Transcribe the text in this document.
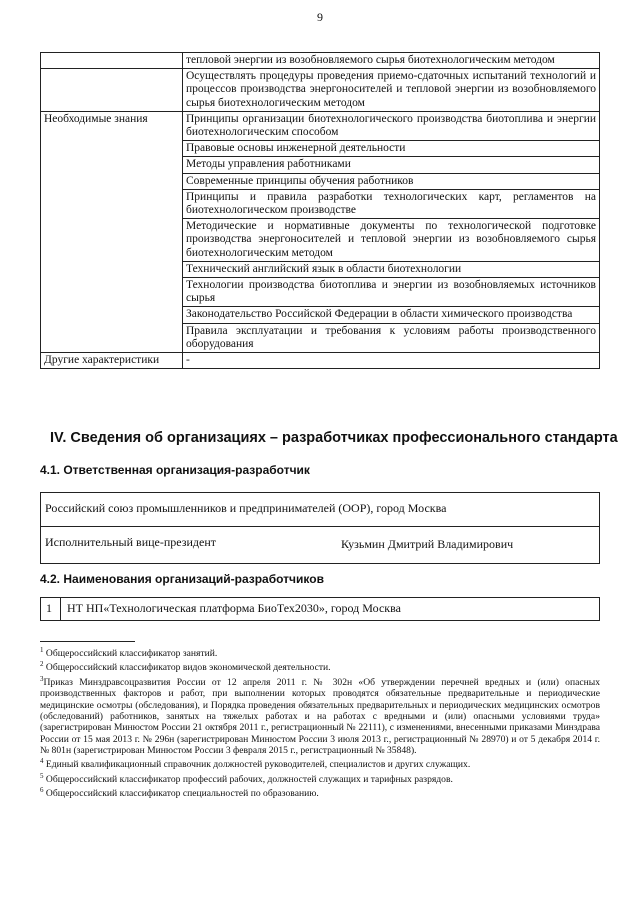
9
	тепловой энергии из возобновляемого сырья биотехнологическим методом
	Осуществлять процедуры проведения приемо-сдаточных испытаний технологий и процессов производства энергоносителей и тепловой энергии из возобновляемого сырья биотехнологическим методом
Необходимые знания	Принципы организации биотехнологического производства биотоплива и энергии биотехнологическим способом
	Правовые основы инженерной деятельности
	Методы управления работниками
	Современные принципы обучения работников
	Принципы и правила разработки технологических карт, регламентов на биотехнологическом производстве
	Методические и нормативные документы по технологической подготовке производства энергоносителей и тепловой энергии из возобновляемого сырья биотехнологическим методом
	Технический английский язык в области биотехнологии
	Технологии производства биотоплива и энергии из возобновляемых источников сырья
	Законодательство Российской Федерации в области химического производства
	Правила эксплуатации и требования к условиям работы производственного оборудования
Другие характеристики	-
IV. Сведения об организациях – разработчиках профессионального стандарта
4.1. Ответственная организация-разработчик
Российский союз промышленников и предпринимателей (ООР), город Москва
Исполнительный вице-президент	Кузьмин Дмитрий Владимирович
4.2. Наименования организаций-разработчиков
1	НТ НП«Технологическая платформа БиоТех2030», город Москва

$^1$ Общероссийский классификатор занятий.

$^2$ Общероссийский классификатор видов экономической деятельности.

$^3$Приказ Минздравсоцразвития России от 12 апреля 2011 г. № 302н «Об утверждении перечней вредных и (или) опасных производственных факторов и работ, при выполнении которых проводятся обязательные предварительные и периодические медицинские осмотры (обследования), и Порядка проведения обязательных предварительных и периодических медицинских осмотров (обследований) работников, занятых на тяжелых работах и на работах с вредными и (или) опасными условиями труда» (зарегистрирован Минюстом России 21 октября 2011 г., регистрационный № 22111), с изменениями, внесенными приказами Минздрава России от 15 мая 2013 г. № 296н (зарегистрирован Минюстом России 3 июля 2013 г., регистрационный № 28970) и от 5 декабря 2014 г. № 801н (зарегистрирован Минюстом России 3 февраля 2015 г., регистрационный № 35848).

$^4$ Единый квалификационный справочник должностей руководителей, специалистов и других служащих.

$^5$ Общероссийский классификатор профессий рабочих, должностей служащих и тарифных разрядов.

$^6$ Общероссийский классификатор специальностей по образованию.
